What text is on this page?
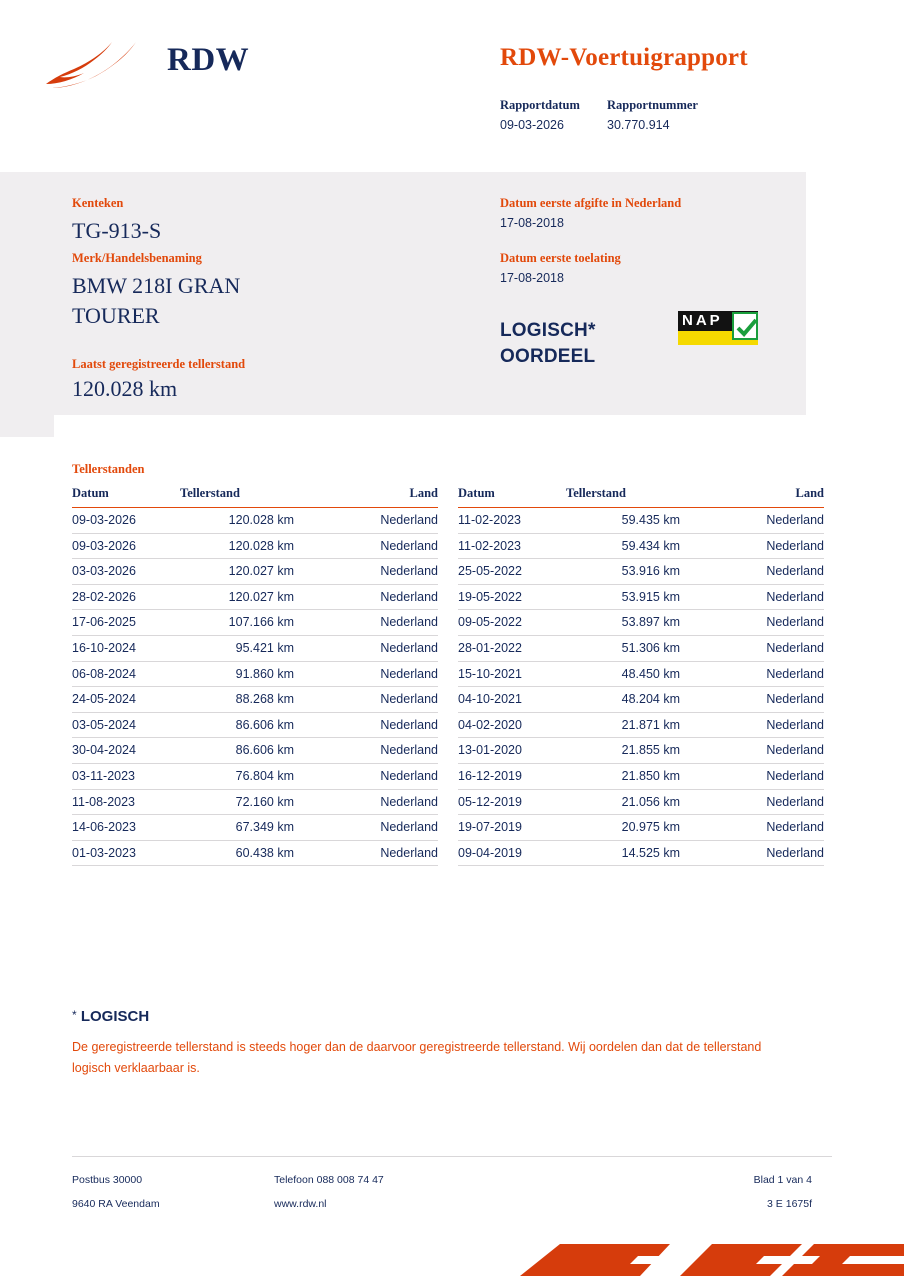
RDW	RDW-Voertuigrapport
Rapportdatum
09-03-2026
Rapportnummer
30.770.914
Kenteken
TG-913-S
Merk/Handelsbenaming
BMW 218I GRAN TOURER
Laatst geregistreerde tellerstand
120.028 km
Datum eerste afgifte in Nederland
17-08-2018
Datum eerste toelating
17-08-2018
LOGISCH*
OORDEEL
NAP
Tellerstanden
Datum	Tellerstand	Land
09-03-2026	120.028 km	Nederland
09-03-2026	120.028 km	Nederland
03-03-2026	120.027 km	Nederland
28-02-2026	120.027 km	Nederland
17-06-2025	107.166 km	Nederland
16-10-2024	95.421 km	Nederland
06-08-2024	91.860 km	Nederland
24-05-2024	88.268 km	Nederland
03-05-2024	86.606 km	Nederland
30-04-2024	86.606 km	Nederland
03-11-2023	76.804 km	Nederland
11-08-2023	72.160 km	Nederland
14-06-2023	67.349 km	Nederland
01-03-2023	60.438 km	Nederland
Datum	Tellerstand	Land
11-02-2023	59.435 km	Nederland
11-02-2023	59.434 km	Nederland
25-05-2022	53.916 km	Nederland
19-05-2022	53.915 km	Nederland
09-05-2022	53.897 km	Nederland
28-01-2022	51.306 km	Nederland
15-10-2021	48.450 km	Nederland
04-10-2021	48.204 km	Nederland
04-02-2020	21.871 km	Nederland
13-01-2020	21.855 km	Nederland
16-12-2019	21.850 km	Nederland
05-12-2019	21.056 km	Nederland
19-07-2019	20.975 km	Nederland
09-04-2019	14.525 km	Nederland
* LOGISCH
De geregistreerde tellerstand is steeds hoger dan de daarvoor geregistreerde tellerstand. Wij oordelen dan dat de tellerstand logisch verklaarbaar is.
Postbus 30000
9640 RA Veendam
Telefoon 088 008 74 47
www.rdw.nl
Blad 1 van 4
3 E 1675f
